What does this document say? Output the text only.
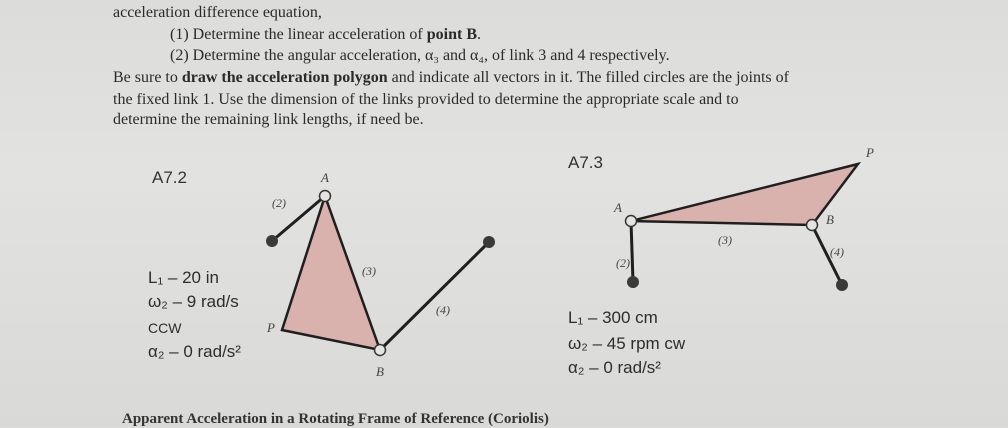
acceleration difference equation,
(1) Determine the linear acceleration of point B.
(2) Determine the angular acceleration, α₃ and α₄, of link 3 and 4 respectively.
Be sure to draw the acceleration polygon and indicate all vectors in it. The filled circles are the joints of
the fixed link 1. Use the dimension of the links provided to determine the appropriate scale and to
determine the remaining link lengths, if need be.
A7.2	A
(2)
(3)
(4)
P
B
L₁ – 20 in
ω₂ – 9 rad/s
CCW
α₂ – 0 rad/s²
A7.3
P
A
B
(3)
(2)
(4)
L₁ – 300 cm
ω₂ – 45 rpm cw
α₂ – 0 rad/s²
Apparent Acceleration in a Rotating Frame of Reference (Coriolis)
